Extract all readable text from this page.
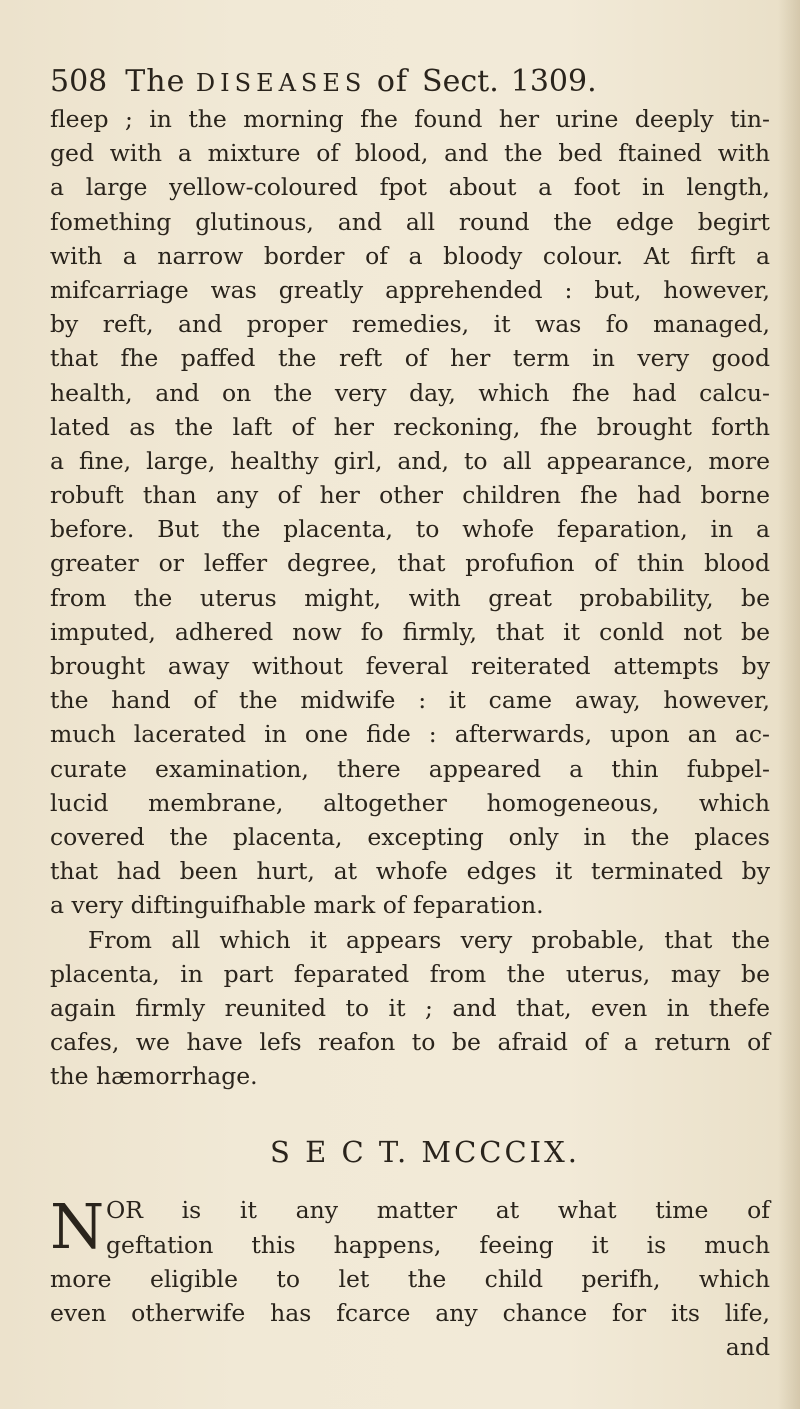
508 The DISEASES of Sect. 1309.
fleep ; in the morning fhe found her urine deeply tin-
ged with a mixture of blood, and the bed ftained with
a large yellow-coloured fpot about a foot in length,
fomething glutinous, and all round the edge begirt
with a narrow border of a bloody colour. At firft a
mifcarriage was greatly apprehended : but, however,
by reft, and proper remedies, it was fo managed,
that fhe paffed the reft of her term in very good
health, and on the very day, which fhe had calcu-
lated as the laft of her reckoning, fhe brought forth
a fine, large, healthy girl, and, to all appearance, more
robuft than any of her other children fhe had borne
before. But the placenta, to whofe feparation, in a
greater or leffer degree, that profufion of thin blood
from the uterus might, with great probability, be
imputed, adhered now fo firmly, that it conld not be
brought away without feveral reiterated attempts by
the hand of the midwife : it came away, however,
much lacerated in one fide : afterwards, upon an ac-
curate examination, there appeared a thin fubpel-
lucid membrane, altogether homogeneous, which
covered the placenta, excepting only in the places
that had been hurt, at whofe edges it terminated by
a very diftinguifhable mark of feparation.
From all which it appears very probable, that the
placenta, in part feparated from the uterus, may be
again firmly reunited to it ; and that, even in thefe
cafes, we have lefs reafon to be afraid of a return of
the hæmorrhage.
S E C T. MCCCIX.
N OR is it any matter at what time of
geftation this happens, feeing it is much
more eligible to let the child perifh, which
even otherwife has fcarce any chance for its life,
and
